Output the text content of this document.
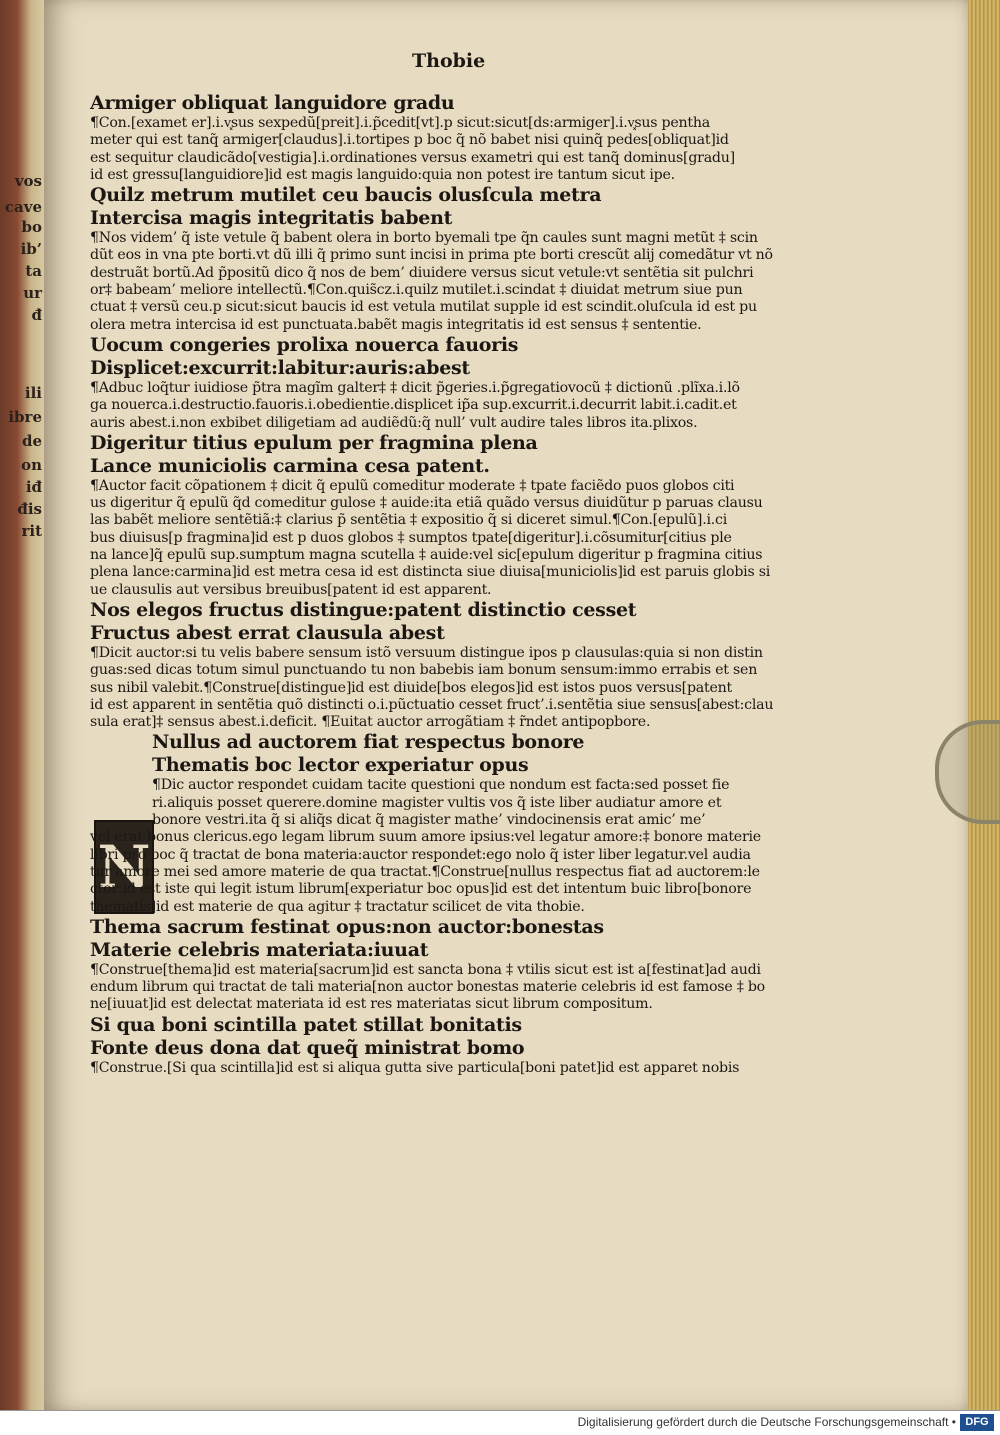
vos
cave
bo
ib’
ta
ur
đ
ili
ibre
de
on
iđ
đis
rit
Thobie
N

Armiger obliquat languidore gradu

¶Con.[examet er].i.v͓sus sexpedũ[preit].i.p̃cedit[vt].p sicut:sicut[d̃s:armiger].i.v͓sus pentha

meter qui est tanq̃ armiger[claudus].i.tortipes p boc q̃ nõ babet nisi quinq̃ pedes[obliquat]id

est sequitur claudicãdo[vestigia].i.ordinationes versus exametri qui est tanq̃ dominus[gradu]

id est gressu[languidiore]id est magis languido:quia non potest ire tantum sicut ipe.

Quilz metrum mutilet ceu baucis olusſcula metra

Intercisa magis integritatis babent

¶Nos videm’ q̃ iste vetule q̃ babent olera in borto byemali tpe q̃n caules sunt magni metũt ‡ scin

dũt eos in vna pte borti.vt dũ illi q̃ primo sunt incisi in prima pte borti crescũt alij comedãtur vt nõ

destruãt bortũ.Ad p̃positũ dico q̃ nos de bem’ diuidere versus sicut vetule:vt sentẽtia sit pulchri

or‡ babeam’ meliore intellectũ.¶Con.quis̃cz.i.quilz mutilet.i.scindat ‡ diuidat metrum siue pun

ctuat ‡ versũ ceu.p sicut:sicut baucis id est vetula mutilat supple id est scindit.oluſcula id est pu

olera metra intercisa id est punctuata.babẽt magis integritatis id est sensus ‡ sententie.

Uocum congeries prolixa nouerca fauoris

Displicet:excurrit:labitur:auris:abest

¶Adbuc loq̃tur iuidiose p̃tra magĩm galter‡ ‡ dicit p̃geries.i.p̃gregatiovocũ ‡ dictionũ .plĩxa.i.lõ

ga nouerca.i.destructio.fauoris.i.obedientie.displicet ip̃a sup.excurrit.i.decurrit labit.i.cadit.et

auris abest.i.non exbibet diligetiam ad audiẽdũ:q̃ null’ vult audire tales libros ita.plixos.

Digeritur titius epulum per fragmina plena

Lance municiolis carmina cesa patent.

¶Auctor facit cõpationem ‡ dicit q̃ epulũ comeditur moderate ‡ tpate faciẽdo puos globos citi

us digeritur q̃ epulũ q̃d comeditur gulose ‡ auide:ita etiã quãdo versus diuidũtur p paruas clausu

las babẽt meliore sentẽtiã:‡ clarius p̃ sentẽtia ‡ expositio q̃ si diceret simul.¶Con.[epulũ].i.ci

bus diuisus[p fragmina]id est p duos globos ‡ sumptos tpate[digeritur].i.cõsumitur[citius ple

na lance]q̃ epulũ sup.sumptum magna scutella ‡ auide:vel sic[epulum digeritur p fragmina citius

plena lance:carmina]id est metra cesa id est distincta siue diuisa[municiolis]id est paruis globis si

ue clausulis aut versibus breuibus[patent id est apparent.

Nos elegos fructus distingue:patent distinctio cesset

Fructus abest errat clausula abest

¶Dicit auctor:si tu velis babere sensum istõ versuum distingue ipos p clausulas:quia si non distin

guas:sed dicas totum simul punctuando tu non babebis iam bonum sensum:immo errabis et sen

sus nibil valebit.¶Construe[distingue]id est diuide[bos elegos]id est istos puos versus[patent

id est apparent in sentẽtia quõ distincti o.i.pũctuatio cesset fruct’.i.sentẽtia siue sensus[abest:clau

sula erat]‡ sensus abest.i.deficit. ¶Euitat auctor arrogãtiam ‡ r̃ndet antipopbore.

Nullus ad auctorem fiat respectus bonore

Thematis boc lector experiatur opus

¶Dic auctor respondet cuidam tacite questioni que nondum est facta:sed posset fie

ri.aliquis posset querere.domine magister vultis vos q̃ iste liber audiatur amore et

bonore vestri.ita q̃ si aliq̃s dicat q̃ magister mathe’ vindocinensis erat amic’ me’

vel erat bonus clericus.ego legam librum suum amore ipsius:vel legatur amore:‡ bonore materie

libri pro boc q̃ tractat de bona materia:auctor respondet:ego nolo q̃ ister liber legatur.vel audia

tur amore mei sed amore materie de qua tractat.¶Construe[nullus respectus fiat ad auctorem:le

ctor:id est iste qui legit istum librum[experiatur boc opus]id est det intentum buic libro[bonore

thematis]id est materie de qua agitur ‡ tractatur scilicet de vita thobie.

Thema sacrum festinat opus:non auctor:bonestas

Materie celebris materiata:iuuat

¶Construe[thema]id est materia[sacrum]id est sancta bona ‡ vtilis sicut est ist a[festinat]ad audi

endum librum qui tractat de tali materia[non auctor bonestas materie celebris id est famose ‡ bo

ne[iuuat]id est delectat materiata id est res materiatas sicut librum compositum.

Si qua boni scintilla patet stillat bonitatis

Fonte deus dona dat queq̃ ministrat bomo

¶Construe.[Si qua scintilla]id est si aliqua gutta sive particula[boni patet]id est apparet nobis

Digitalisierung gefördert durch die Deutsche Forschungsgemeinschaft • DFG
